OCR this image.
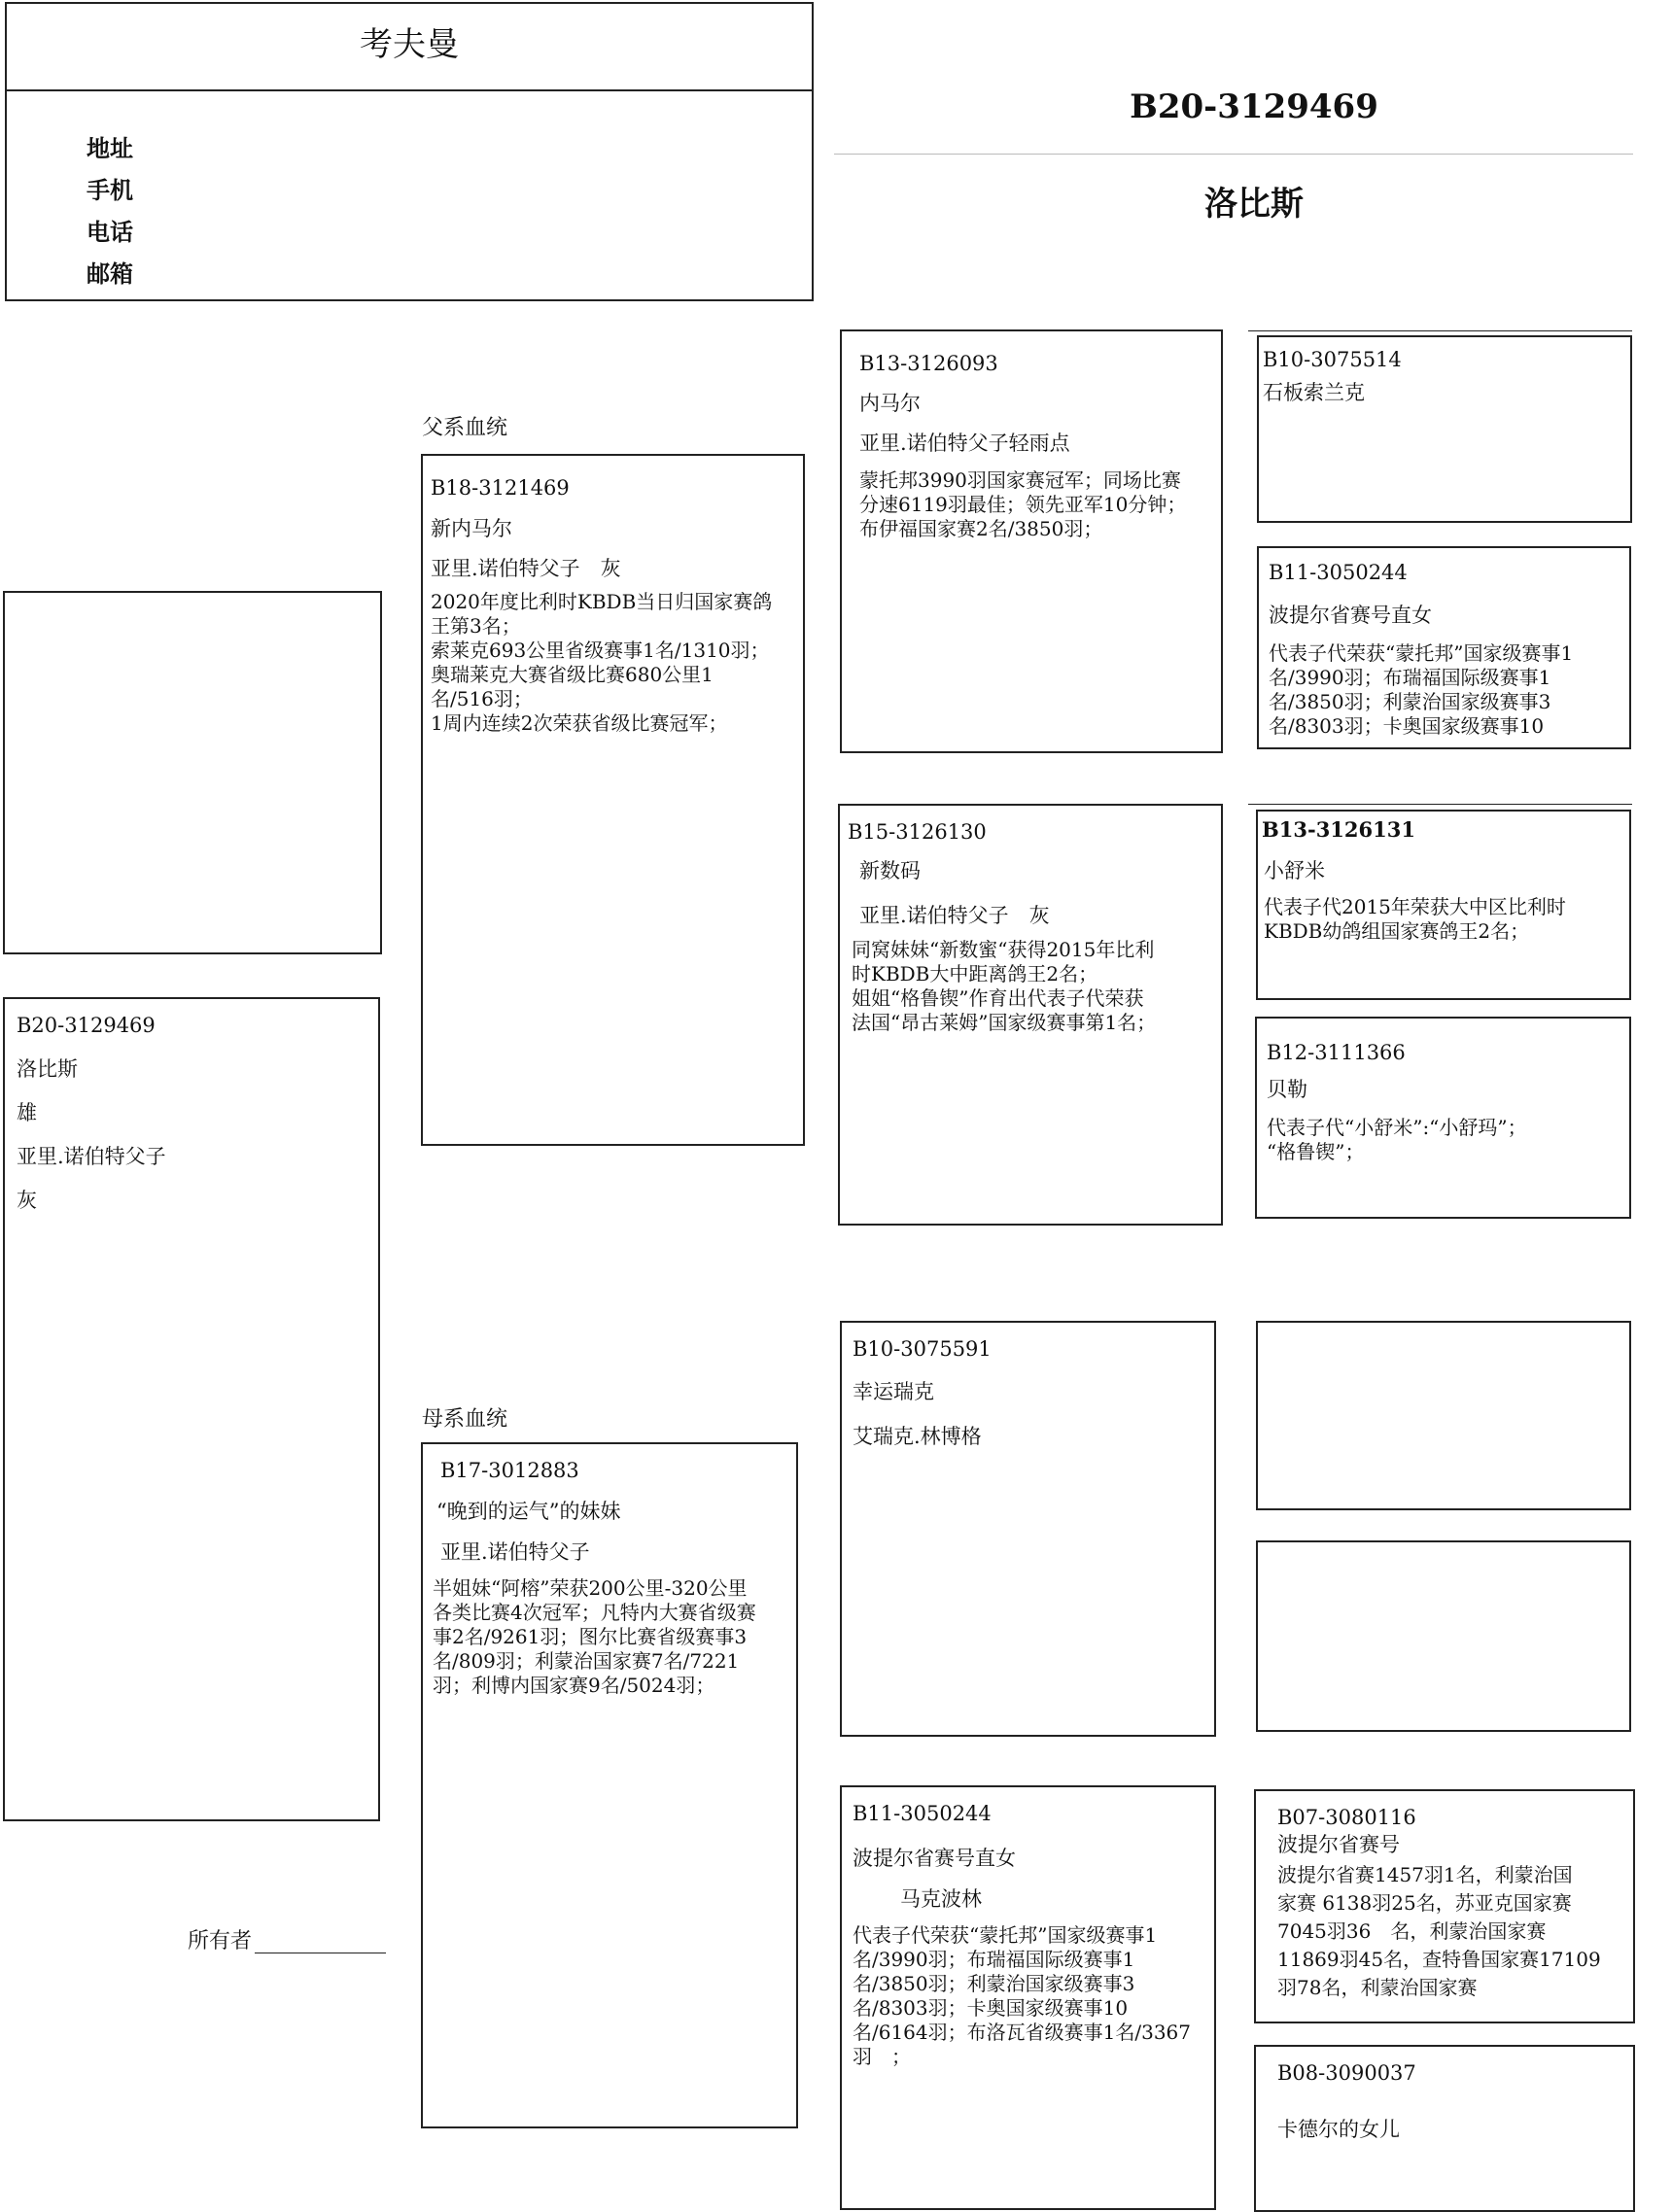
考夫曼
地址
手机
电话
邮箱
B20-3129469
洛比斯
B20-3129469
洛比斯
雄
亚里.诺伯特父子
灰
所有者
父系血统
B18-3121469
新内马尔
亚里.诺伯特父子　灰
2020年度比利时KBDB当日归国家赛鸽
王第3名；
索莱克693公里省级赛事1名/1310羽；
奥瑞莱克大赛省级比赛680公里1
名/516羽；
1周内连续2次荣获省级比赛冠军；
母系血统
B17-3012883
“晚到的运气”的妹妹
亚里.诺伯特父子
半姐妹“阿榕”荣获200公里-320公里
各类比赛4次冠军；凡特内大赛省级赛
事2名/9261羽；图尔比赛省级赛事3
名/809羽；利蒙治国家赛7名/7221
羽；利博内国家赛9名/5024羽；
B13-3126093
内马尔
亚里.诺伯特父子轻雨点
蒙托邦3990羽国家赛冠军；同场比赛
分速6119羽最佳；领先亚军10分钟；
布伊福国家赛2名/3850羽；
B15-3126130
新数码
亚里.诺伯特父子　灰
同窝妹妹“新数蜜“获得2015年比利
时KBDB大中距离鸽王2名；
姐姐“格鲁锲”作育出代表子代荣获
法国“昂古莱姆”国家级赛事第1名；
B10-3075591
幸运瑞克
艾瑞克.林博格
B11-3050244
波提尔省赛号直女
马克波林
代表子代荣获“蒙托邦”国家级赛事1
名/3990羽；布瑞福国际级赛事1
名/3850羽；利蒙治国家级赛事3
名/8303羽；卡奥国家级赛事10
名/6164羽；布洛瓦省级赛事1名/3367
羽　；
B10-3075514
石板索兰克
B11-3050244
波提尔省赛号直女
代表子代荣获“蒙托邦”国家级赛事1
名/3990羽；布瑞福国际级赛事1
名/3850羽；利蒙治国家级赛事3
名/8303羽；卡奥国家级赛事10
B13-3126131
小舒米
代表子代2015年荣获大中区比利时
KBDB幼鸽组国家赛鸽王2名；
B12-3111366
贝勒
代表子代“小舒米”:“小舒玛”；
“格鲁锲”；
B07-3080116
波提尔省赛号
波提尔省赛1457羽1名，利蒙治国
家赛 6138羽25名，苏亚克国家赛
7045羽36　名，利蒙治国家赛
11869羽45名，查特鲁国家赛17109
羽78名，利蒙治国家赛
B08-3090037
卡德尔的女儿
